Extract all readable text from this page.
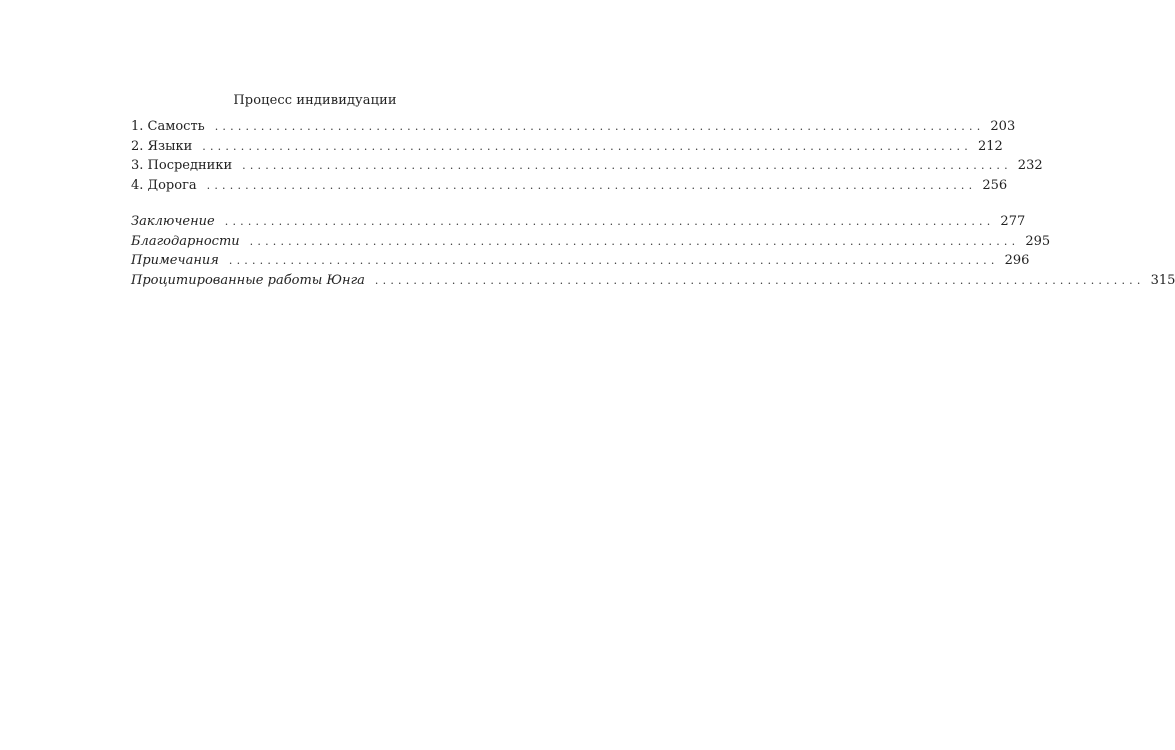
Процесс индивидуации
1. Самость .................................................................................................... 203
2. Языки .................................................................................................... 212
3. Посредники .................................................................................................... 232
4. Дорога .................................................................................................... 256
Заключение .................................................................................................... 277
Благодарности .................................................................................................... 295
Примечания .................................................................................................... 296
Процитированные работы Юнга .................................................................................................... 315
